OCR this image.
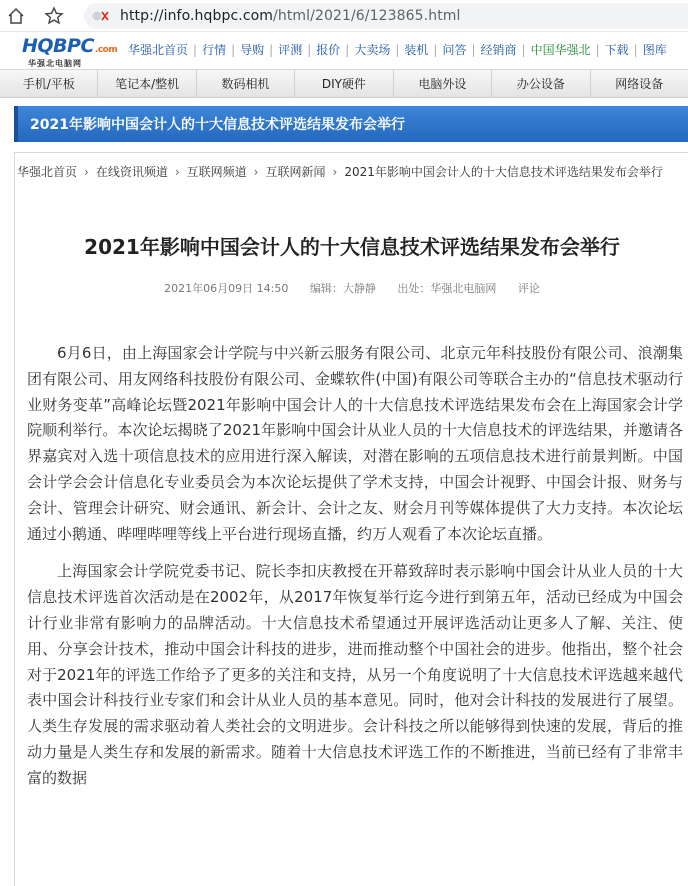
http://info.hqbpc.com/html/2021/6/123865.html
HQBPC.com
华强北电脑网
华强北首页 | 行情 | 导购 | 评测 | 报价 | 大卖场 | 装机 | 问答 | 经销商 | 中国华强北 | 下载 | 图库
手机/平板	笔记本/整机	数码相机	DIY硬件	电脑外设	办公设备	网络设备
2021年影响中国会计人的十大信息技术评选结果发布会举行
华强北首页 › 在线资讯频道 › 互联网频道 › 互联网新闻 › 2021年影响中国会计人的十大信息技术评选结果发布会举行
2021年影响中国会计人的十大信息技术评选结果发布会举行
2021年06月09日 14:50 编辑：大静静 出处：华强北电脑网 评论

6月6日，由上海国家会计学院与中兴新云服务有限公司、北京元年科技股份有限公司、浪潮集团有限公司、用友网络科技股份有限公司、金蝶软件(中国)有限公司等联合主办的“信息技术驱动行业财务变革”高峰论坛暨2021年影响中国会计人的十大信息技术评选结果发布会在上海国家会计学院顺利举行。本次论坛揭晓了2021年影响中国会计从业人员的十大信息技术的评选结果，并邀请各界嘉宾对入选十项信息技术的应用进行深入解读，对潜在影响的五项信息技术进行前景判断。中国会计学会会计信息化专业委员会为本次论坛提供了学术支持，中国会计视野、中国会计报、财务与会计、管理会计研究、财会通讯、新会计、会计之友、财会月刊等媒体提供了大力支持。本次论坛通过小鹅通、哔哩哔哩等线上平台进行现场直播，约万人观看了本次论坛直播。

上海国家会计学院党委书记、院长李扣庆教授在开幕致辞时表示影响中国会计从业人员的十大信息技术评选首次活动是在2002年，从2017年恢复举行迄今进行到第五年，活动已经成为中国会计行业非常有影响力的品牌活动。十大信息技术希望通过开展评选活动让更多人了解、关注、使用、分享会计技术，推动中国会计科技的进步，进而推动整个中国社会的进步。他指出，整个社会对于2021年的评选工作给予了更多的关注和支持，从另一个角度说明了十大信息技术评选越来越代表中国会计科技行业专家们和会计从业人员的基本意见。同时，他对会计科技的发展进行了展望。人类生存发展的需求驱动着人类社会的文明进步。会计科技之所以能够得到快速的发展，背后的推动力量是人类生存和发展的新需求。随着十大信息技术评选工作的不断推进，当前已经有了非常丰富的数据
